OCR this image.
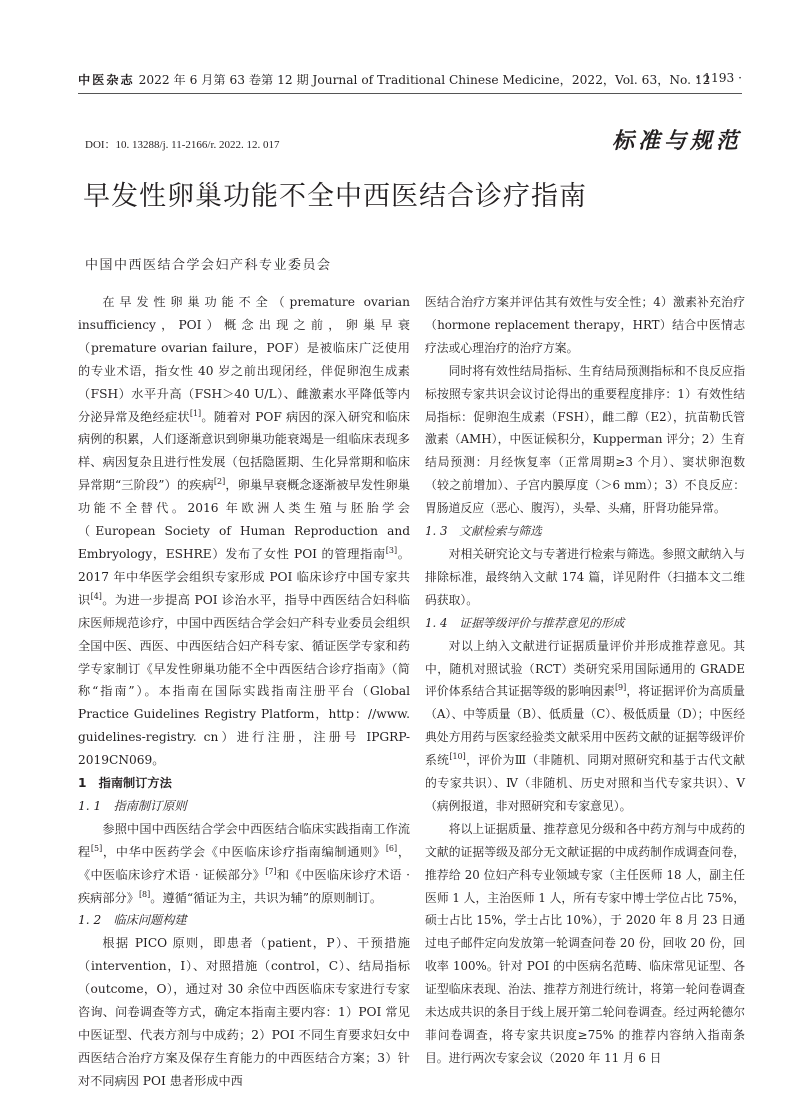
中医杂志 2022 年 6 月第 63 卷第 12 期 Journal of Traditional Chinese Medicine，2022，Vol. 63，No. 12
· 1193 ·
DOI：10. 13288/j. 11-2166/r. 2022. 12. 017	标准与规范
早发性卵巢功能不全中西医结合诊疗指南
中国中西医结合学会妇产科专业委员会

在早发性卵巢功能不全（premature ovarian insufficiency，POI）概念出现之前，卵巢早衰（premature ovarian failure，POF）是被临床广泛使用的专业术语，指女性 40 岁之前出现闭经，伴促卵泡生成素（FSH）水平升高（FSH＞40 U/L）、雌激素水平降低等内分泌异常及绝经症状[1]。随着对 POF 病因的深入研究和临床病例的积累，人们逐渐意识到卵巢功能衰竭是一组临床表现多样、病因复杂且进行性发展（包括隐匿期、生化异常期和临床异常期“三阶段”）的疾病[2]，卵巢早衰概念逐渐被早发性卵巢功能不全替代。2016 年欧洲人类生殖与胚胎学会（European Society of Human Reproduction and Embryology，ESHRE）发布了女性 POI 的管理指南[3]。2017 年中华医学会组织专家形成 POI 临床诊疗中国专家共识[4]。为进一步提高 POI 诊治水平，指导中西医结合妇科临床医师规范诊疗，中国中西医结合学会妇产科专业委员会组织全国中医、西医、中西医结合妇产科专家、循证医学专家和药学专家制订《早发性卵巢功能不全中西医结合诊疗指南》（简称“指南”）。本指南在国际实践指南注册平台（Global Practice Guidelines Registry Platform，http：//www. guidelines-registry. cn）进行注册，注册号 IPGRP-2019CN069。

1　指南制订方法
1. 1　指南制订原则

参照中国中西医结合学会中西医结合临床实践指南工作流程[5]，中华中医药学会《中医临床诊疗指南编制通则》[6]，《中医临床诊疗术语 · 证候部分》[7]和《中医临床诊疗术语 · 疾病部分》[8]。遵循“循证为主，共识为辅”的原则制订。

1. 2　临床问题构建

根据 PICO 原则，即患者（patient，P）、干预措施（intervention，I）、对照措施（control，C）、结局指标（outcome，O），通过对 30 余位中西医临床专家进行专家咨询、问卷调查等方式，确定本指南主要内容：1）POI 常见中医证型、代表方剂与中成药；2）POI 不同生育要求妇女中西医结合治疗方案及保存生育能力的中西医结合方案；3）针对不同病因 POI 患者形成中西

医结合治疗方案并评估其有效性与安全性；4）激素补充治疗（hormone replacement therapy，HRT）结合中医情志疗法或心理治疗的治疗方案。

同时将有效性结局指标、生育结局预测指标和不良反应指标按照专家共识会议讨论得出的重要程度排序：1）有效性结局指标：促卵泡生成素（FSH），雌二醇（E2），抗苗勒氏管激素（AMH），中医证候积分，Kupperman 评分；2）生育结局预测：月经恢复率（正常周期≥3 个月）、窦状卵泡数（较之前增加）、子宫内膜厚度（＞6 mm）；3）不良反应：胃肠道反应（恶心、腹泻），头晕、头痛，肝肾功能异常。

1. 3　文献检索与筛选

对相关研究论文与专著进行检索与筛选。参照文献纳入与排除标准，最终纳入文献 174 篇，详见附件（扫描本文二维码获取）。

1. 4　证据等级评价与推荐意见的形成

对以上纳入文献进行证据质量评价并形成推荐意见。其中，随机对照试验（RCT）类研究采用国际通用的 GRADE 评价体系结合其证据等级的影响因素[9]，将证据评价为高质量（A）、中等质量（B）、低质量（C）、极低质量（D）；中医经典处方用药与医家经验类文献采用中医药文献的证据等级评价系统[10]，评价为Ⅲ（非随机、同期对照研究和基于古代文献的专家共识）、Ⅳ（非随机、历史对照和当代专家共识）、Ⅴ（病例报道，非对照研究和专家意见）。

将以上证据质量、推荐意见分级和各中药方剂与中成药的文献的证据等级及部分无文献证据的中成药制作成调查问卷，推荐给 20 位妇产科专业领域专家（主任医师 18 人，副主任医师 1 人，主治医师 1 人，所有专家中博士学位占比 75%，硕士占比 15%，学士占比 10%），于 2020 年 8 月 23 日通过电子邮件定向发放第一轮调查问卷 20 份，回收 20 份，回收率 100%。针对 POI 的中医病名范畴、临床常见证型、各证型临床表现、治法、推荐方剂进行统计，将第一轮问卷调查未达成共识的条目于线上展开第二轮问卷调查。经过两轮德尔菲问卷调查，将专家共识度≥75% 的推荐内容纳入指南条目。进行两次专家会议（2020 年 11 月 6 日
